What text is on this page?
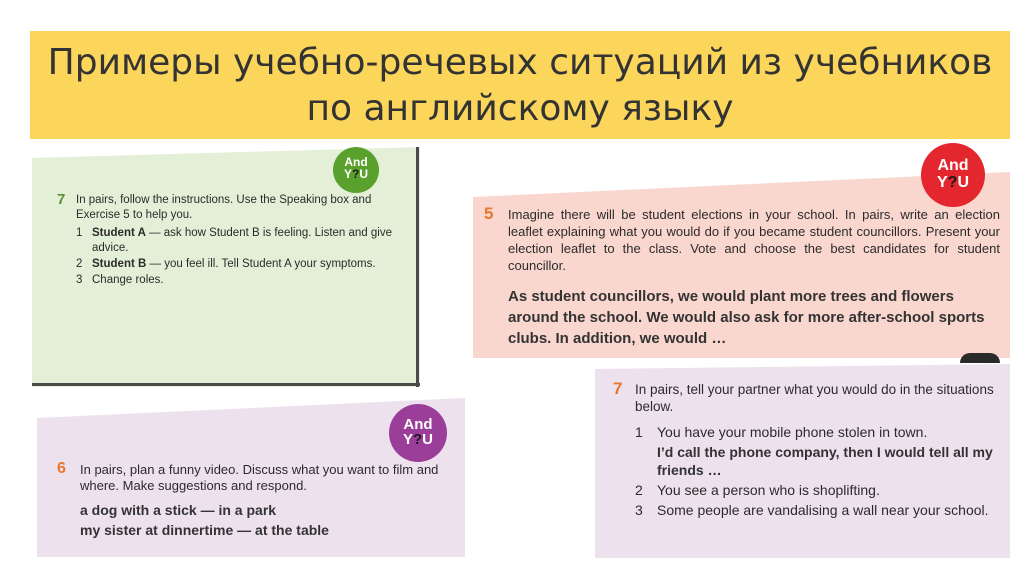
Примеры учебно-речевых ситуаций из учебников по английскому языку
7 In pairs, follow the instructions. Use the Speaking box and Exercise 5 to help you.
1 Student A — ask how Student B is feeling. Listen and give advice.
2 Student B — you feel ill. Tell Student A your symptoms.
3 Change roles.
And
Y?U
5 Imagine there will be student elections in your school. In pairs, write an election leaflet explaining what you would do if you became student councillors. Present your election leaflet to the class. Vote and choose the best candidates for student councillor.
As student councillors, we would plant more trees and flowers around the school. We would also ask for more after-school sports clubs. In addition, we would …
And
Y?U
6 In pairs, plan a funny video. Discuss what you want to film and where. Make suggestions and respond.
a dog with a stick — in a park
my sister at dinnertime — at the table
And
Y?U
7 In pairs, tell your partner what you would do in the situations below.
1 You have your mobile phone stolen in town.
I’d call the phone company, then I would tell all my friends …
2 You see a person who is shoplifting.
3 Some people are vandalising a wall near your school.
